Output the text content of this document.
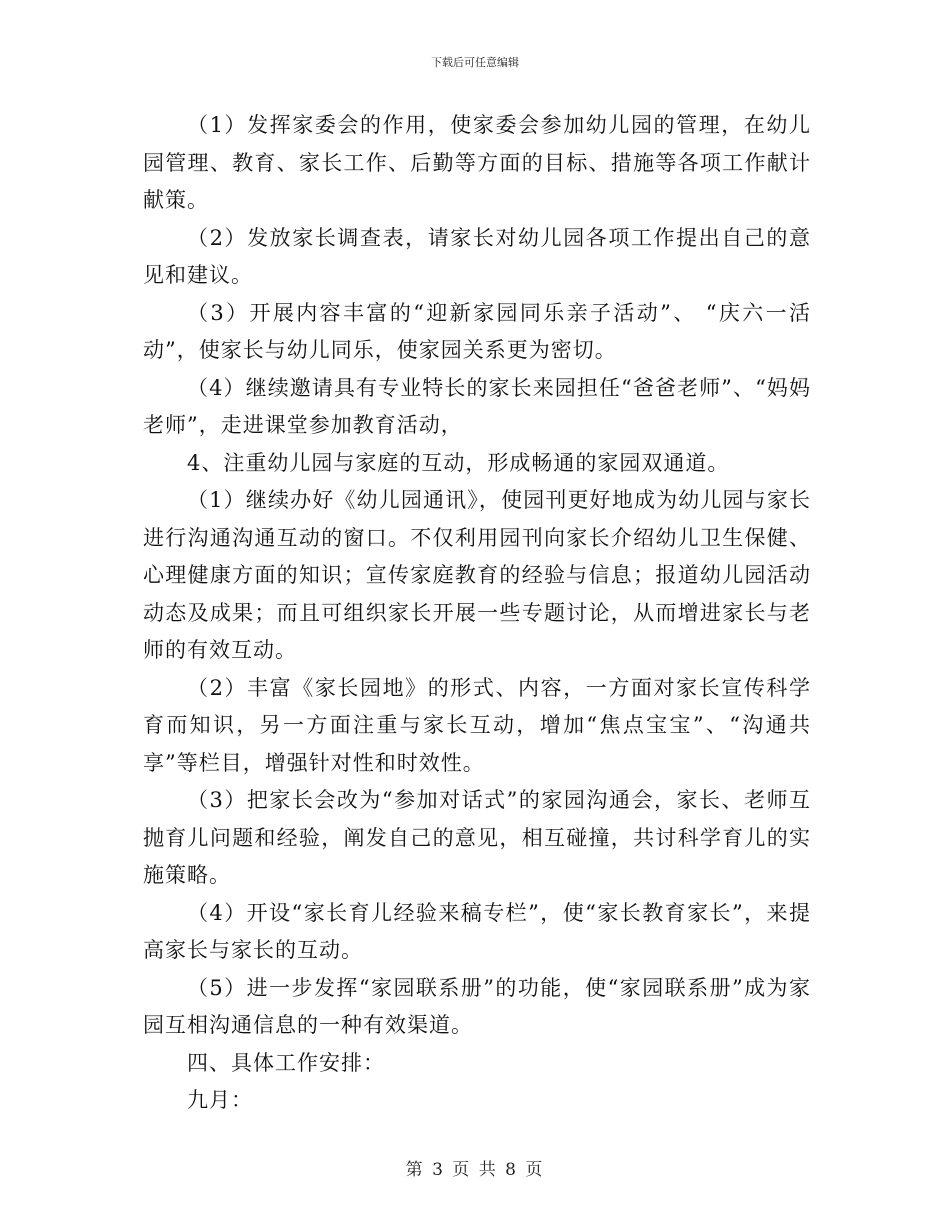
下载后可任意编辑

（1）发挥家委会的作用，使家委会参加幼儿园的管理，在幼儿园管理、教育、家长工作、后勤等方面的目标、措施等各项工作献计献策。

（2）发放家长调查表，请家长对幼儿园各项工作提出自己的意见和建议。

（3）开展内容丰富的“迎新家园同乐亲子活动”、 “庆六一活动”，使家长与幼儿同乐，使家园关系更为密切。

（4）继续邀请具有专业特长的家长来园担任“爸爸老师”、“妈妈老师”，走进课堂参加教育活动，

4、注重幼儿园与家庭的互动，形成畅通的家园双通道。

（1）继续办好《幼儿园通讯》，使园刊更好地成为幼儿园与家长进行沟通沟通互动的窗口。不仅利用园刊向家长介绍幼儿卫生保健、心理健康方面的知识；宣传家庭教育的经验与信息；报道幼儿园活动动态及成果；而且可组织家长开展一些专题讨论，从而增进家长与老师的有效互动。

（2）丰富《家长园地》的形式、内容，一方面对家长宣传科学育而知识，另一方面注重与家长互动，增加“焦点宝宝”、“沟通共享”等栏目，增强针对性和时效性。

（3）把家长会改为“参加对话式”的家园沟通会，家长、老师互抛育儿问题和经验，阐发自己的意见，相互碰撞，共讨科学育儿的实施策略。

（4）开设“家长育儿经验来稿专栏”，使“家长教育家长”，来提高家长与家长的互动。

（5）进一步发挥“家园联系册”的功能，使“家园联系册”成为家园互相沟通信息的一种有效渠道。

四、具体工作安排：

九月：

第 3 页 共 8 页
